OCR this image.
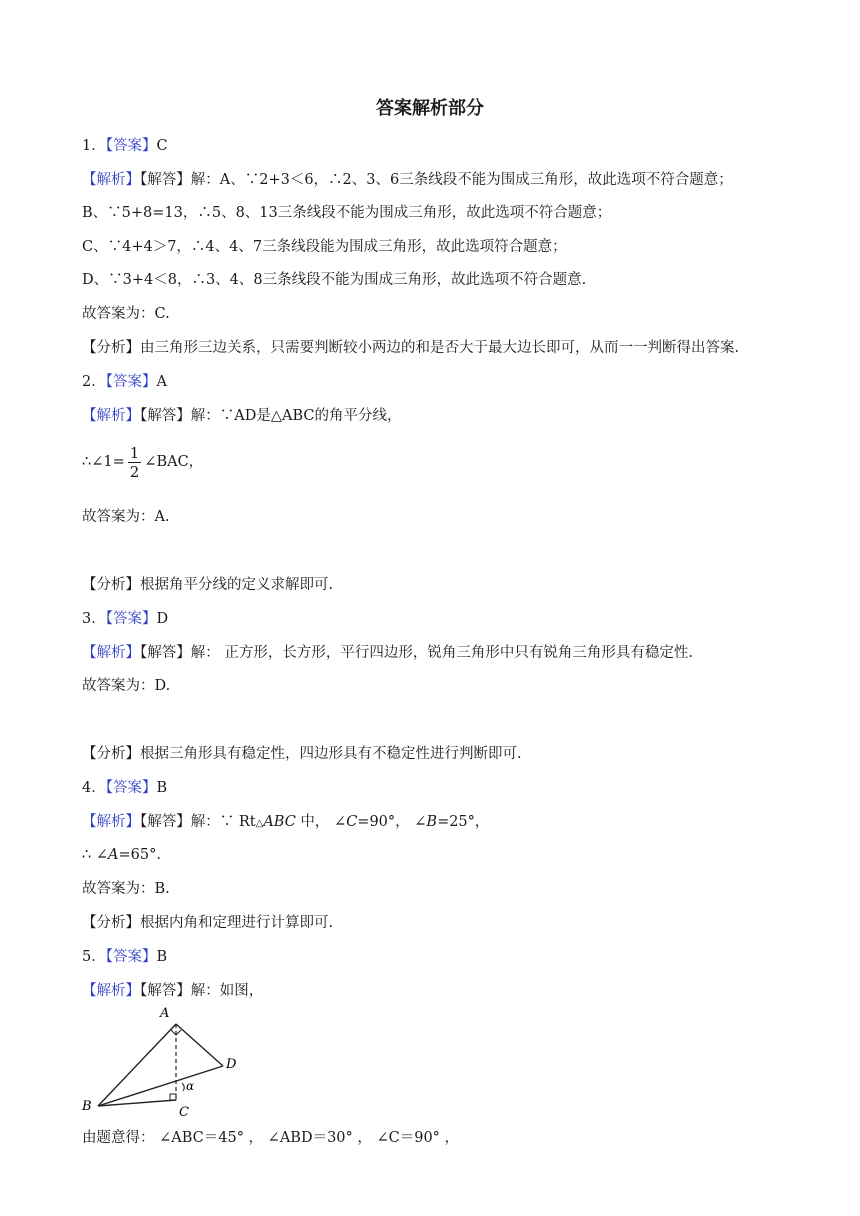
答案解析部分
1．【答案】C
【解析】【解答】解：A、∵2+3＜6，∴2、3、6三条线段不能为围成三角形，故此选项不符合题意；
B、∵5+8=13，∴5、8、13三条线段不能为围成三角形，故此选项不符合题意；
C、∵4+4＞7，∴4、4、7三条线段能为围成三角形，故此选项符合题意；
D、∵3+4＜8，∴3、4、8三条线段不能为围成三角形，故此选项不符合题意.
故答案为：C.
【分析】由三角形三边关系，只需要判断较小两边的和是否大于最大边长即可，从而一一判断得出答案.
2．【答案】A
【解析】【解答】解：∵AD是△ABC的角平分线，
∴∠1= $\frac{1}{2}$ ∠BAC，
故答案为：A.
【分析】根据角平分线的定义求解即可.
3．【答案】D
【解析】【解答】解： 正方形，长方形，平行四边形，锐角三角形中只有锐角三角形具有稳定性.
故答案为：D.
【分析】根据三角形具有稳定性，四边形具有不稳定性进行判断即可.
4．【答案】B
【解析】【解答】解：∵ Rt△ABC 中， ∠C=90°， ∠B=25°，
∴ ∠A=65°.
故答案为：B.
【分析】根据内角和定理进行计算即可.
5．【答案】B
【解析】【解答】解：如图，
A
B	C
D
α
由题意得： ∠ABC＝45° ， ∠ABD＝30° ， ∠C＝90° ，
